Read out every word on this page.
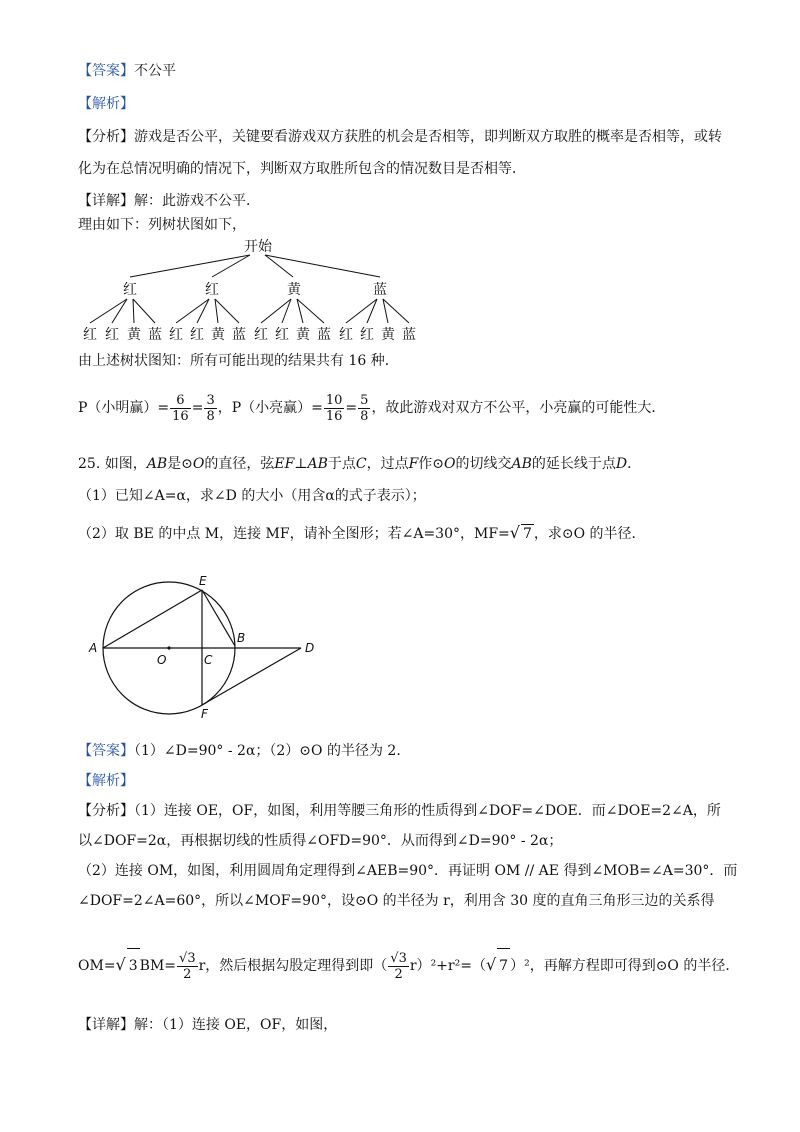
【答案】不公平
【解析】
【分析】游戏是否公平，关键要看游戏双方获胜的机会是否相等，即判断双方取胜的概率是否相等，或转
化为在总情况明确的情况下，判断双方取胜所包含的情况数目是否相等．
【详解】解：此游戏不公平．
理由如下：列树状图如下，
开始
红	红	黄	蓝
红 红 黄 蓝 红 红 黄 蓝 红 红 黄 蓝 红 红 黄 蓝
由上述树状图知：所有可能出现的结果共有 16 种．
P（小明赢）= $\frac{6}{16} = \frac{3}{8}$ ，P（小亮赢）= $\frac{10}{16} = \frac{5}{8}$ ，故此游戏对双方不公平，小亮赢的可能性大．
25. 如图，AB是⊙O的直径，弦EF⊥AB于点C，过点F作⊙O的切线交AB的延长线于点D．
（1）已知∠A=α，求∠D 的大小（用含α的式子表示）；
（2）取 BE 的中点 M，连接 MF，请补全图形；若∠A=30°，MF=√ 7 ，求⊙O 的半径．
A
O	C
B
D
E
F
【答案】（1）∠D=90° - 2α；（2）⊙O 的半径为 2．
【解析】
【分析】（1）连接 OE，OF，如图，利用等腰三角形的性质得到∠DOF=∠DOE．而∠DOE=2∠A，所
以∠DOF=2α，再根据切线的性质得∠OFD=90°．从而得到∠D=90° - 2α；
（2）连接 OM，如图，利用圆周角定理得到∠AEB=90°．再证明 OM // AE 得到∠MOB=∠A=30°．而
∠DOF=2∠A=60°，所以∠MOF=90°，设⊙O 的半径为 r，利用含 30 度的直角三角形三边的关系得
OM=√ 3 $BM= \frac{√3}{2}$ r，然后根据勾股定理得到即（ $\frac{√3}{2} r)^2+r^2=(√$ 7 ）²，再解方程即可得到⊙O 的半径．
【详解】解：（1）连接 OE，OF，如图，
